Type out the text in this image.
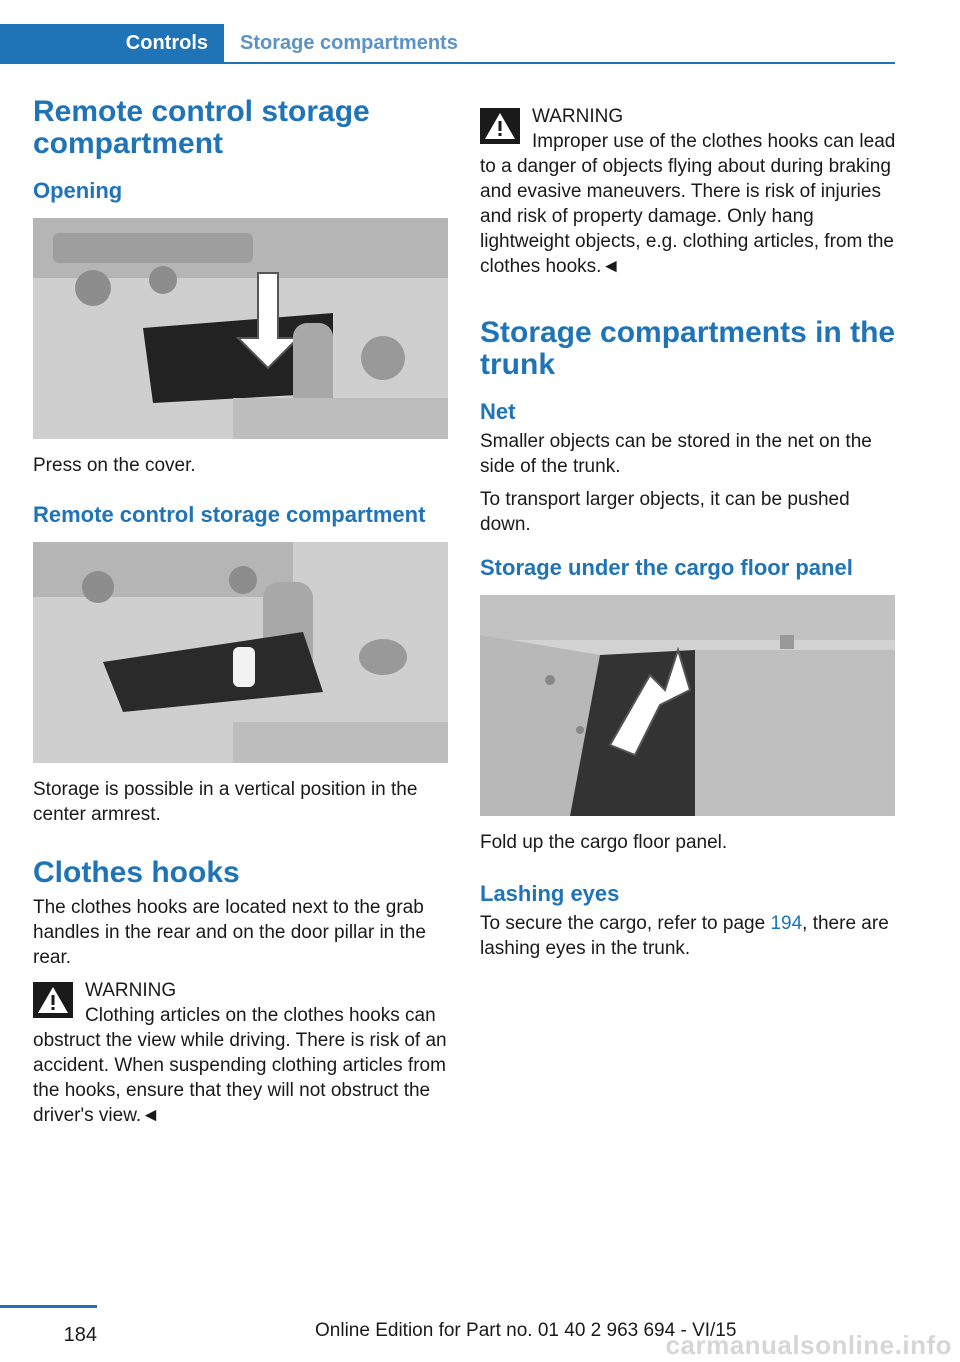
Controls	Storage compartments
Remote control storage compartment
Opening

Press on the cover.

Remote control storage compartment

Storage is possible in a vertical position in the center armrest.

Clothes hooks

The clothes hooks are located next to the grab handles in the rear and on the door pillar in the rear.

WARNING
Clothing articles on the clothes hooks can obstruct the view while driving. There is risk of an accident. When suspending clothing articles from the hooks, ensure that they will not obstruct the driver's view.◄
WARNING
Improper use of the clothes hooks can lead to a danger of objects flying about during braking and evasive maneuvers. There is risk of injuries and risk of property damage. Only hang lightweight objects, e.g. clothing articles, from the clothes hooks.◄
Storage compartments in the trunk
Net

Smaller objects can be stored in the net on the side of the trunk.

To transport larger objects, it can be pushed down.

Storage under the cargo floor panel

Fold up the cargo floor panel.

Lashing eyes

To secure the cargo, refer to page 194, there are lashing eyes in the trunk.

184	Online Edition for Part no. 01 40 2 963 694 - VI/15
carmanualsonline.info
